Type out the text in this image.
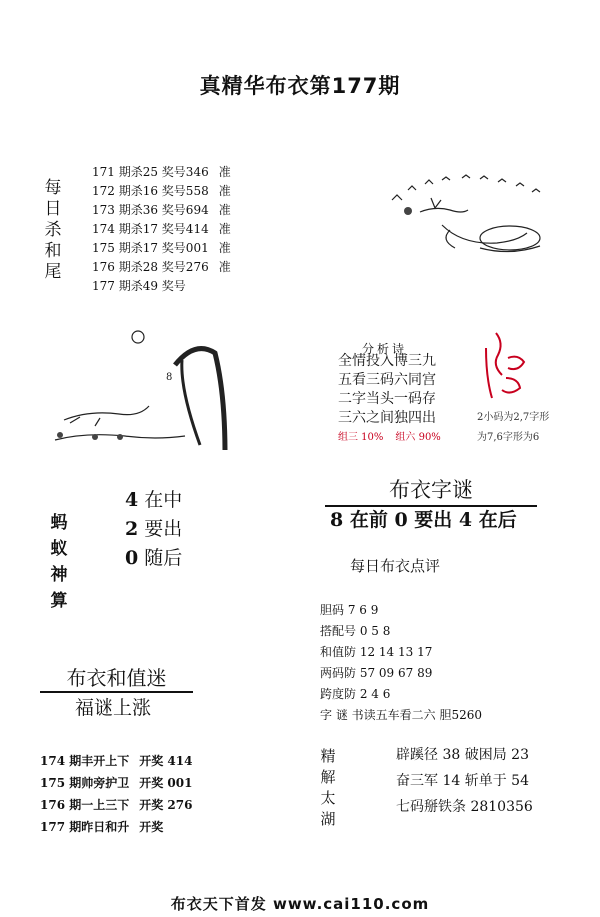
真精华布衣第177期
每
日
杀
和
尾
171 期杀25 奖号346 准
172 期杀16 奖号558 准
173 期杀36 奖号694 准
174 期杀17 奖号414 准
175 期杀17 奖号001 准
176 期杀28 奖号276 准
177 期杀49 奖号
8
分析诗
全情投入博三九
五看三码六同宫
二字当头一码存
三六之间独四出
组三 10% 组六 90%
2小码为2,7字形
为7,6字形为6
蚂
蚁
神
算
4 在中
2 要出
0 随后
布衣字谜
8 在前 0 要出 4 在后
每日布衣点评
胆码 7 6 9
搭配号 0 5 8
和值防 12 14 13 17
两码防 57 09 67 89
跨度防 2 4 6
字 谜 书读五车看二六 胆5260
布衣和值迷
福谜上涨
174 期丰开上下 开奖 414
175 期帅旁护卫 开奖 001
176 期一上三下 开奖 276
177 期昨日和升 开奖
精
解
太
湖
辟蹊径 38 破困局 23
奋三军 14 斩单于 54
七码掰铁条 2810356
布衣天下首发 www.cai110.com
